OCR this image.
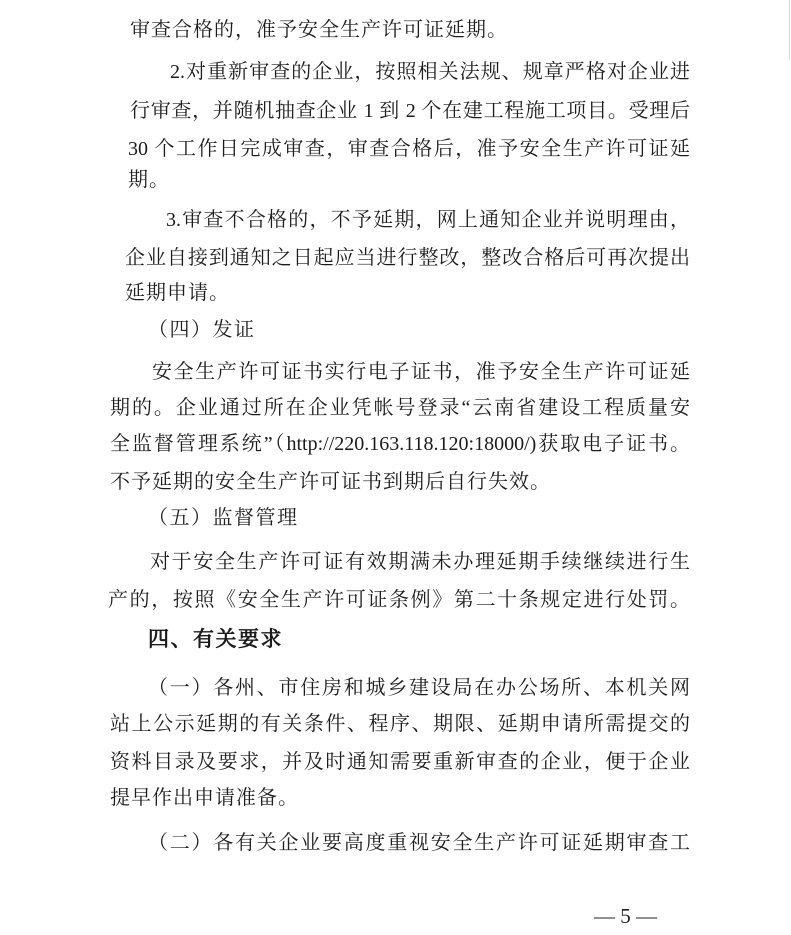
审查合格的，准予安全生产许可证延期。
2.对重新审查的企业，按照相关法规、规章严格对企业进
行审查，并随机抽查企业 1 到 2 个在建工程施工项目。受理后
30 个工作日完成审查，审查合格后，准予安全生产许可证延
期。
3.审查不合格的，不予延期，网上通知企业并说明理由，
企业自接到通知之日起应当进行整改，整改合格后可再次提出
延期申请。
（四）发证
安全生产许可证书实行电子证书，准予安全生产许可证延
期的。企业通过所在企业凭帐号登录“云南省建设工程质量安
全监督管理系统”（http://220.163.118.120:18000/)获取电子证书。
不予延期的安全生产许可证书到期后自行失效。
（五）监督管理
对于安全生产许可证有效期满未办理延期手续继续进行生
产的，按照《安全生产许可证条例》第二十条规定进行处罚。
四、有关要求
（一）各州、市住房和城乡建设局在办公场所、本机关网
站上公示延期的有关条件、程序、期限、延期申请所需提交的
资料目录及要求，并及时通知需要重新审查的企业，便于企业
提早作出申请准备。
（二）各有关企业要高度重视安全生产许可证延期审查工
— 5 —
